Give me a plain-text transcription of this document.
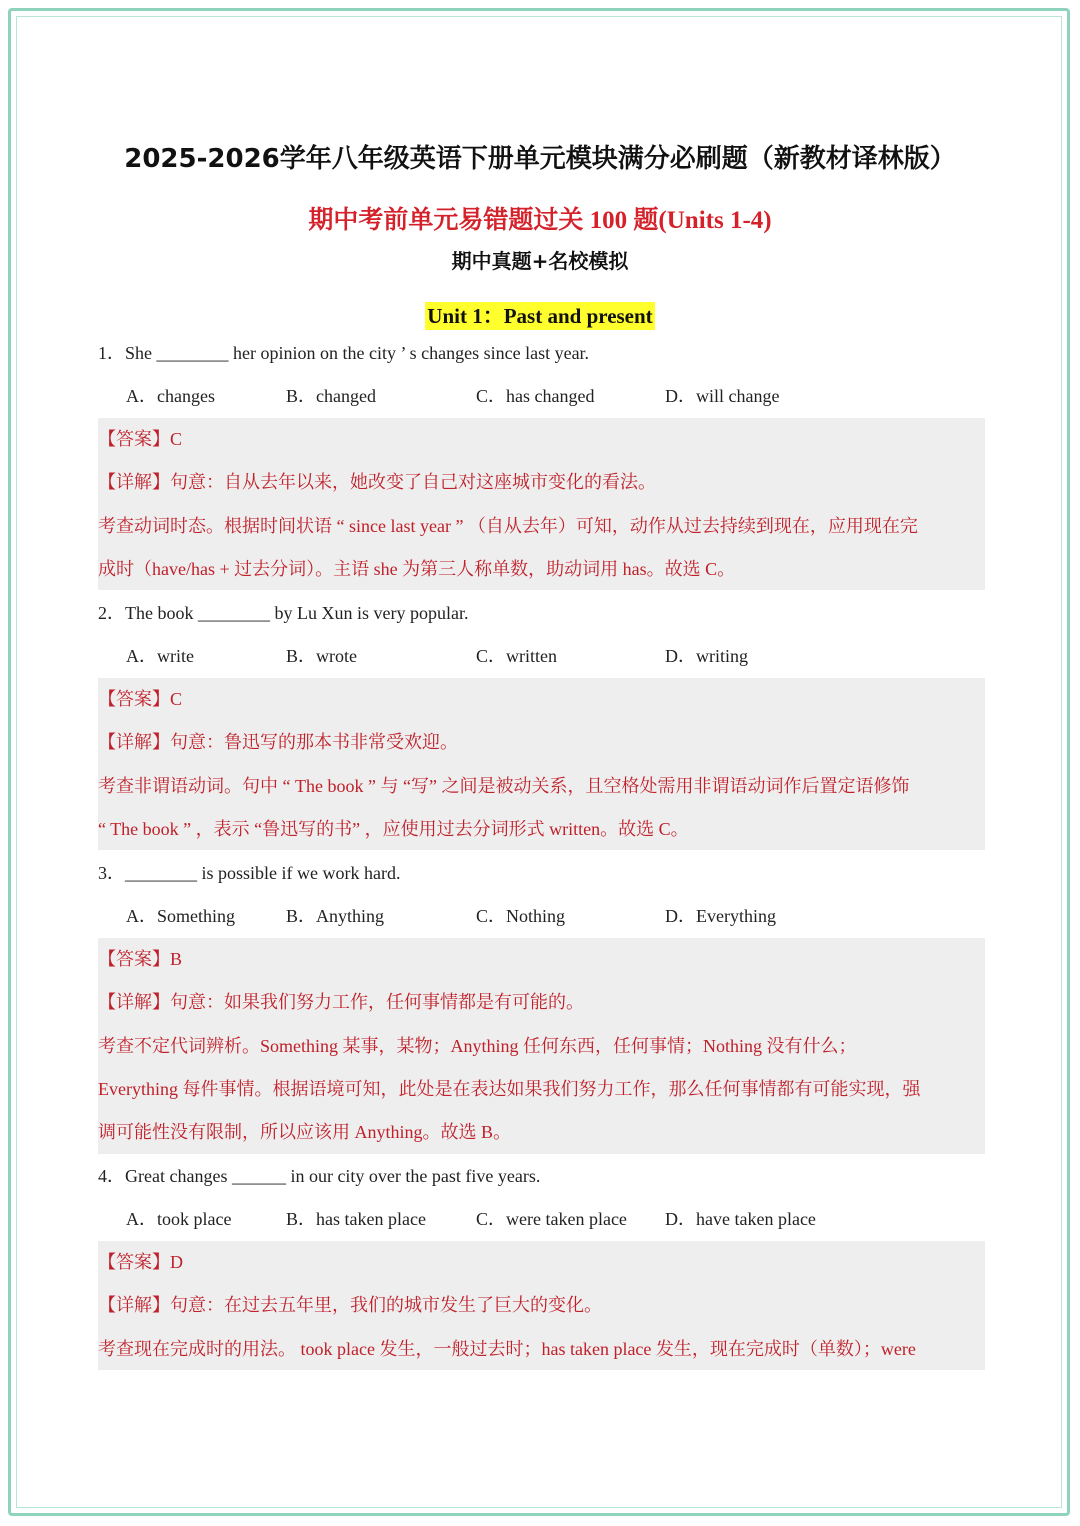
2025-2026学年八年级英语下册单元模块满分必刷题（新教材译林版）
期中考前单元易错题过关 100 题(Units 1-4)
期中真题+名校模拟
Unit 1：Past and present
1．She ________ her opinion on the city ’ s changes since last year.
A．changes	B．changed	C．has changed	D．will change
【答案】C
【详解】句意：自从去年以来，她改变了自己对这座城市变化的看法。
考查动词时态。根据时间状语 “ since last year ” （自从去年）可知，动作从过去持续到现在，应用现在完
成时（have/has + 过去分词）。主语 she 为第三人称单数，助动词用 has。故选 C。
2．The book ________ by Lu Xun is very popular.
A．write	B．wrote	C．written	D．writing
【答案】C
【详解】句意：鲁迅写的那本书非常受欢迎。
考查非谓语动词。句中 “ The book ” 与 “写” 之间是被动关系，且空格处需用非谓语动词作后置定语修饰
“ The book ” ，表示 “鲁迅写的书” ，应使用过去分词形式 written。故选 C。
3．________ is possible if we work hard.
A．Something	B．Anything	C．Nothing	D．Everything
【答案】B
【详解】句意：如果我们努力工作，任何事情都是有可能的。
考查不定代词辨析。Something 某事，某物；Anything 任何东西，任何事情；Nothing 没有什么；
Everything 每件事情。根据语境可知，此处是在表达如果我们努力工作，那么任何事情都有可能实现，强
调可能性没有限制，所以应该用 Anything。故选 B。
4．Great changes ______ in our city over the past five years.
A．took place	B．has taken place	C．were taken place D．have taken place
【答案】D
【详解】句意：在过去五年里，我们的城市发生了巨大的变化。
考查现在完成时的用法。 took place 发生，一般过去时；has taken place 发生，现在完成时（单数）；were
